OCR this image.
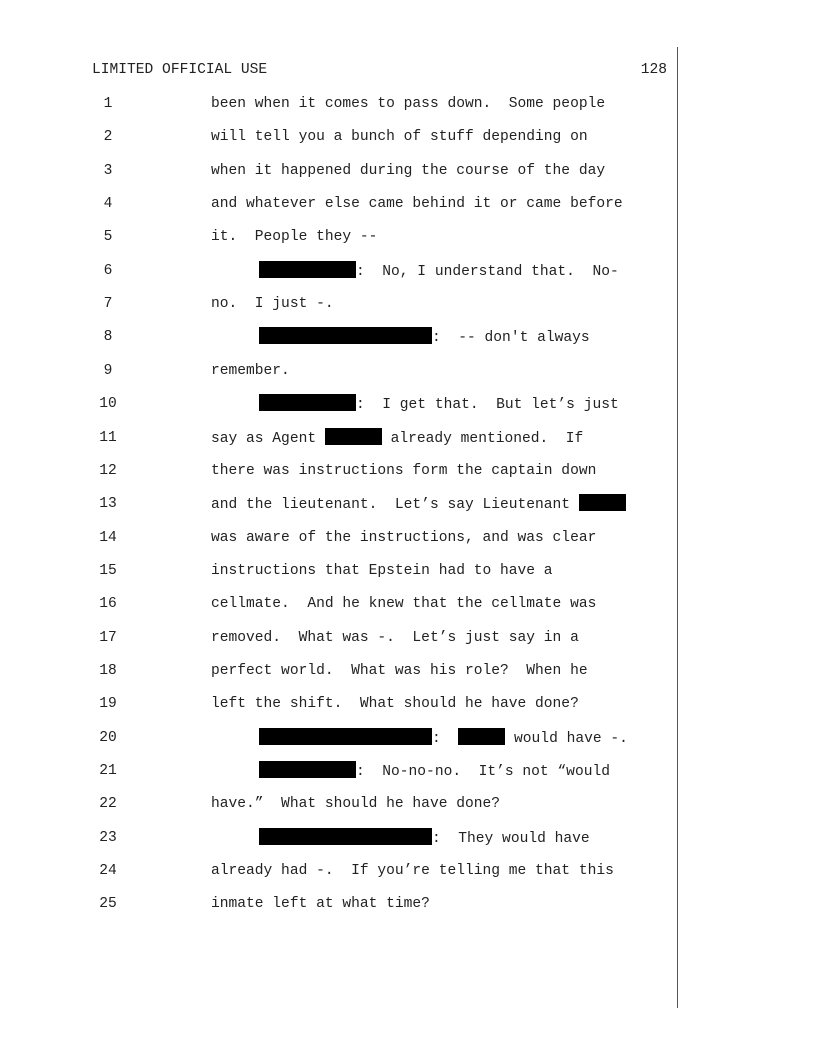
LIMITED OFFICIAL USE	128
1	been when it comes to pass down.  Some people
2	will tell you a bunch of stuff depending on
3	when it happened during the course of the day
4	and whatever else came behind it or came before
5	it.  People they --
6	:  No, I understand that.  No-
7	no.  I just -.
8	:  -- don't always
9	remember.
10	:  I get that.  But let’s just
11	say as Agent	already mentioned.  If
12	there was instructions form the captain down
13	and the lieutenant.  Let’s say Lieutenant
14	was aware of the instructions, and was clear
15	instructions that Epstein had to have a
16	cellmate.  And he knew that the cellmate was
17	removed.  What was -.  Let’s just say in a
18	perfect world.  What was his role?  When he
19	left the shift.  What should he have done?
20	:	would have -.
21	:  No-no-no.  It’s not “would
22	have.”  What should he have done?
23	:  They would have
24	already had -.  If you’re telling me that this
25	inmate left at what time?
